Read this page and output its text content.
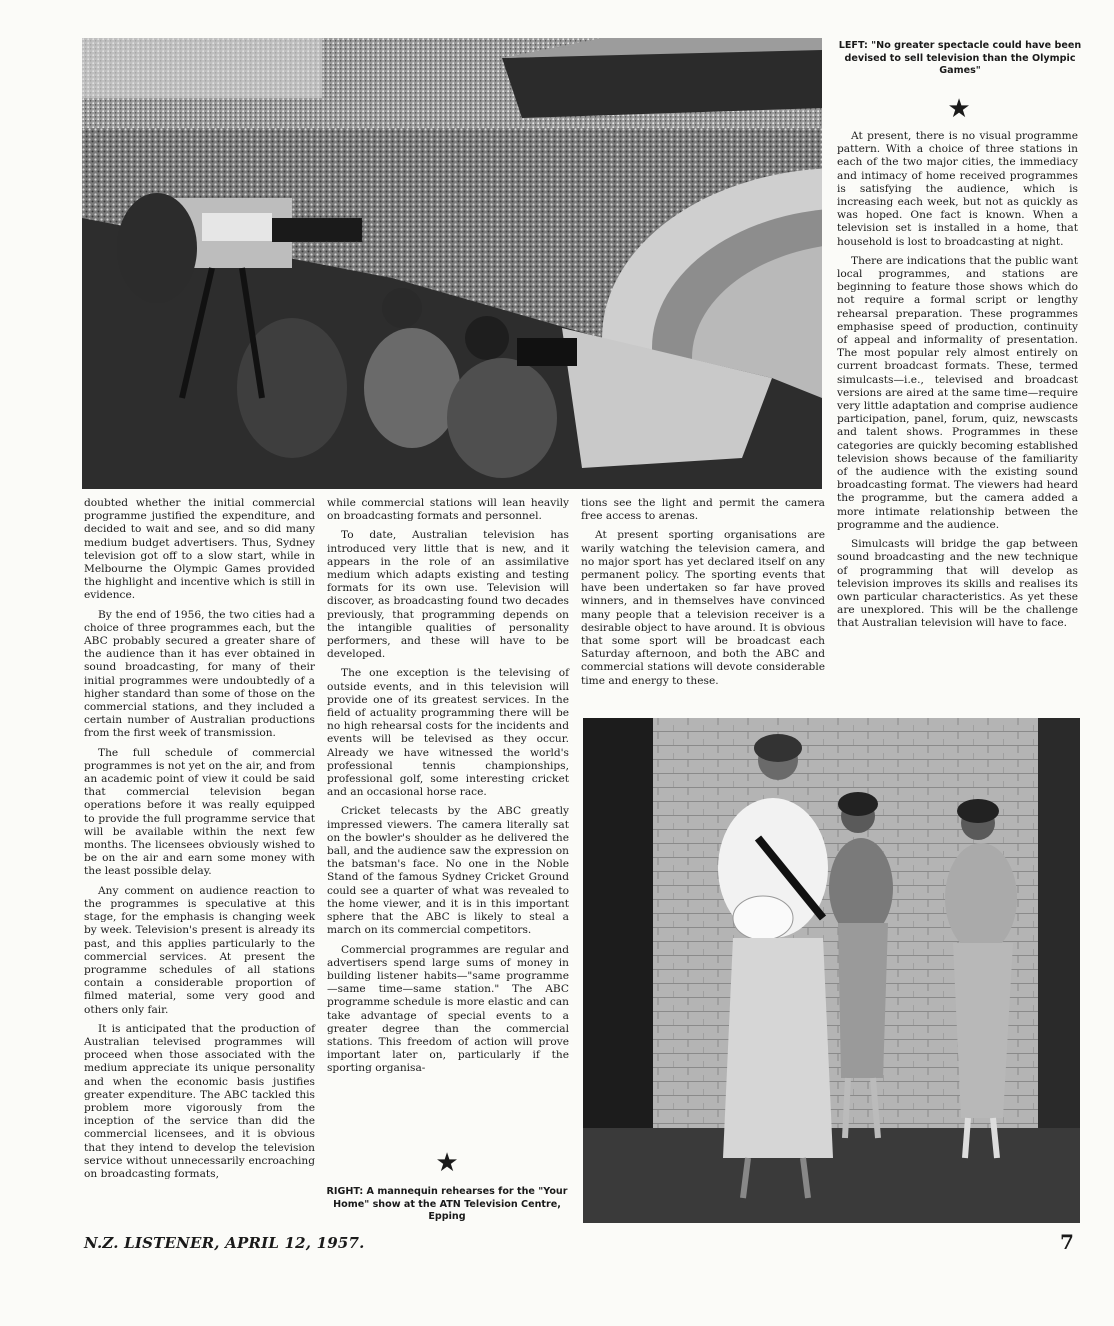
LEFT: "No greater spectacle could have been devised to sell television than the Olympic Games"
★

doubted whether the initial commercial programme justified the expenditure, and decided to wait and see, and so did many medium budget advertisers. Thus, Sydney television got off to a slow start, while in Melbourne the Olympic Games provided the highlight and incentive which is still in evidence.

By the end of 1956, the two cities had a choice of three programmes each, but the ABC probably secured a greater share of the audience than it has ever obtained in sound broadcasting, for many of their initial programmes were undoubtedly of a higher standard than some of those on the commercial stations, and they included a certain number of Australian productions from the first week of transmission.

The full schedule of commercial programmes is not yet on the air, and from an academic point of view it could be said that commercial television began operations before it was really equipped to provide the full programme service that will be available within the next few months. The licensees obviously wished to be on the air and earn some money with the least possible delay.

Any comment on audience reaction to the programmes is speculative at this stage, for the emphasis is changing week by week. Television's present is already its past, and this applies particularly to the commercial services. At present the programme schedules of all stations contain a considerable proportion of filmed material, some very good and others only fair.

It is anticipated that the production of Australian televised programmes will proceed when those associated with the medium appreciate its unique personality and when the economic basis justifies greater expenditure. The ABC tackled this problem more vigorously from the inception of the service than did the commercial licensees, and it is obvious that they intend to develop the television service without unnecessarily encroaching on broadcasting formats,

while commercial stations will lean heavily on broadcasting formats and personnel.

To date, Australian television has introduced very little that is new, and it appears in the role of an assimilative medium which adapts existing and testing formats for its own use. Television will discover, as broadcasting found two decades previously, that programming depends on the intangible qualities of personality performers, and these will have to be developed.

The one exception is the televising of outside events, and in this television will provide one of its greatest services. In the field of actuality programming there will be no high rehearsal costs for the incidents and events will be televised as they occur. Already we have witnessed the world's professional tennis championships, professional golf, some interesting cricket and an occasional horse race.

Cricket telecasts by the ABC greatly impressed viewers. The camera literally sat on the bowler's shoulder as he delivered the ball, and the audience saw the expression on the batsman's face. No one in the Noble Stand of the famous Sydney Cricket Ground could see a quarter of what was revealed to the home viewer, and it is in this important sphere that the ABC is likely to steal a march on its commercial competitors.

Commercial programmes are regular and advertisers spend large sums of money in building listener habits—"same programme—same time—same station." The ABC programme schedule is more elastic and can take advantage of special events to a greater degree than the commercial stations. This freedom of action will prove important later on, particularly if the sporting organisa-

★
RIGHT: A mannequin rehearses for the "Your Home" show at the ATN Television Centre, Epping

tions see the light and permit the camera free access to arenas.

At present sporting organisations are warily watching the television camera, and no major sport has yet declared itself on any permanent policy. The sporting events that have been undertaken so far have proved winners, and in themselves have convinced many people that a television receiver is a desirable object to have around. It is obvious that some sport will be broadcast each Saturday afternoon, and both the ABC and commercial stations will devote considerable time and energy to these.

At present, there is no visual programme pattern. With a choice of three stations in each of the two major cities, the immediacy and intimacy of home received programmes is satisfying the audience, which is increasing each week, but not as quickly as was hoped. One fact is known. When a television set is installed in a home, that household is lost to broadcasting at night.

There are indications that the public want local programmes, and stations are beginning to feature those shows which do not require a formal script or lengthy rehearsal preparation. These programmes emphasise speed of production, continuity of appeal and informality of presentation. The most popular rely almost entirely on current broadcast formats. These, termed simulcasts—i.e., televised and broadcast versions are aired at the same time—require very little adaptation and comprise audience participation, panel, forum, quiz, newscasts and talent shows. Programmes in these categories are quickly becoming established television shows because of the familiarity of the audience with the existing sound broadcasting format. The viewers had heard the programme, but the camera added a more intimate relationship between the programme and the audience.

Simulcasts will bridge the gap between sound broadcasting and the new technique of programming that will develop as television improves its skills and realises its own particular characteristics. As yet these are unexplored. This will be the challenge that Australian television will have to face.

N.Z. LISTENER, APRIL 12, 1957.	7
